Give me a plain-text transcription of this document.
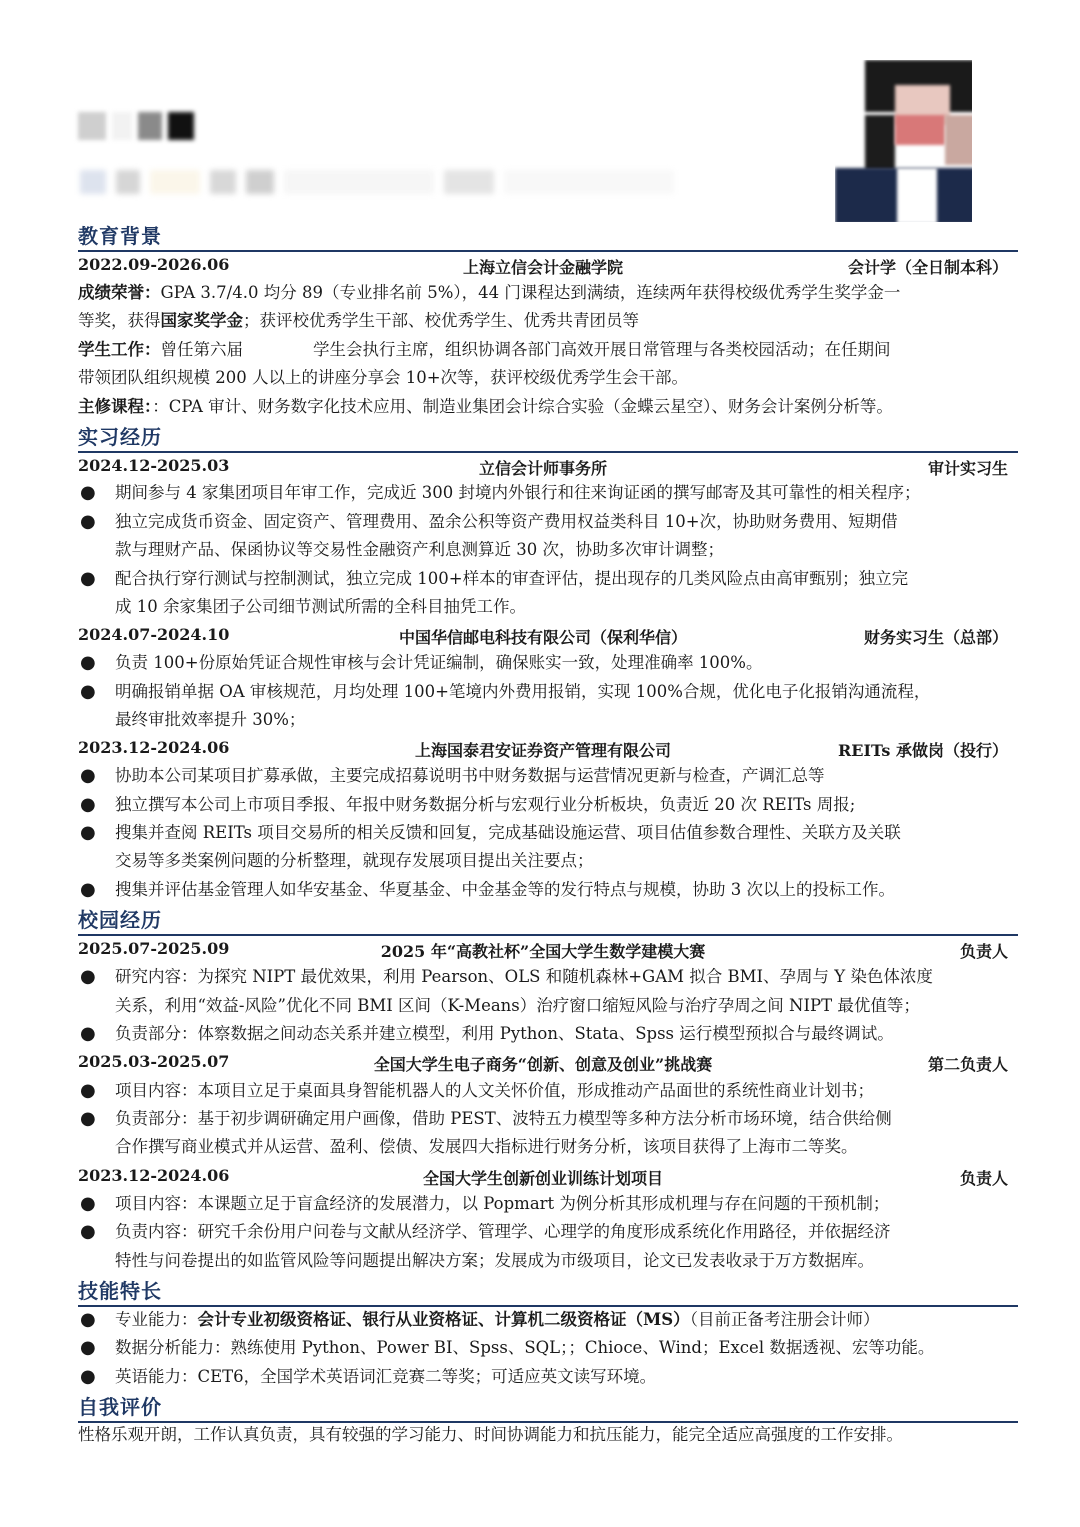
教育背景
2022.09-2026.06	上海立信会计金融学院	会计学（全日制本科）
成绩荣誉：GPA 3.7/4.0 均分 89（专业排名前 5%），44 门课程达到满绩，连续两年获得校级优秀学生奖学金一
等奖，获得国家奖学金；获评校优秀学生干部、校优秀学生、优秀共青团员等
学生工作：曾任第六届	学生会执行主席，组织协调各部门高效开展日常管理与各类校园活动；在任期间
带领团队组织规模 200 人以上的讲座分享会 10+次等，获评校级优秀学生会干部。
主修课程：：CPA 审计、财务数字化技术应用、制造业集团会计综合实验（金蝶云星空）、财务会计案例分析等。
实习经历
2024.12-2025.03	立信会计师事务所	审计实习生
● 期间参与 4 家集团项目年审工作，完成近 300 封境内外银行和往来询证函的撰写邮寄及其可靠性的相关程序；
● 独立完成货币资金、固定资产、管理费用、盈余公积等资产费用权益类科目 10+次，协助财务费用、短期借
款与理财产品、保函协议等交易性金融资产利息测算近 30 次，协助多次审计调整；
● 配合执行穿行测试与控制测试，独立完成 100+样本的审查评估，提出现存的几类风险点由高审甄别；独立完
成 10 余家集团子公司细节测试所需的全科目抽凭工作。
2024.07-2024.10	中国华信邮电科技有限公司（保利华信）	财务实习生（总部）
● 负责 100+份原始凭证合规性审核与会计凭证编制，确保账实一致，处理准确率 100%。
● 明确报销单据 OA 审核规范，月均处理 100+笔境内外费用报销，实现 100%合规，优化电子化报销沟通流程，
最终审批效率提升 30%；
2023.12-2024.06	上海国泰君安证券资产管理有限公司	REITs 承做岗（投行）
● 协助本公司某项目扩募承做，主要完成招募说明书中财务数据与运营情况更新与检查，产调汇总等
● 独立撰写本公司上市项目季报、年报中财务数据分析与宏观行业分析板块，负责近 20 次 REITs 周报;
● 搜集并查阅 REITs 项目交易所的相关反馈和回复，完成基础设施运营、项目估值参数合理性、关联方及关联
交易等多类案例问题的分析整理，就现存发展项目提出关注要点；
● 搜集并评估基金管理人如华安基金、华夏基金、中金基金等的发行特点与规模，协助 3 次以上的投标工作。
校园经历
2025.07-2025.09	2025 年“高教社杯”全国大学生数学建模大赛	负责人
● 研究内容：为探究 NIPT 最优效果，利用 Pearson、OLS 和随机森林+GAM 拟合 BMI、孕周与 Y 染色体浓度
关系，利用“效益-风险”优化不同 BMI 区间（K-Means）治疗窗口缩短风险与治疗孕周之间 NIPT 最优值等；
● 负责部分：体察数据之间动态关系并建立模型，利用 Python、Stata、Spss 运行模型预拟合与最终调试。
2025.03-2025.07	全国大学生电子商务“创新、创意及创业”挑战赛	第二负责人
● 项目内容：本项目立足于桌面具身智能机器人的人文关怀价值，形成推动产品面世的系统性商业计划书；
● 负责部分：基于初步调研确定用户画像，借助 PEST、波特五力模型等多种方法分析市场环境，结合供给侧
合作撰写商业模式并从运营、盈利、偿债、发展四大指标进行财务分析，该项目获得了上海市二等奖。
2023.12-2024.06	全国大学生创新创业训练计划项目	负责人
● 项目内容：本课题立足于盲盒经济的发展潜力，以 Popmart 为例分析其形成机理与存在问题的干预机制；
● 负责内容：研究千余份用户问卷与文献从经济学、管理学、心理学的角度形成系统化作用路径，并依据经济
特性与问卷提出的如监管风险等问题提出解决方案；发展成为市级项目，论文已发表收录于万方数据库。
技能特长
● 专业能力：会计专业初级资格证、银行从业资格证、计算机二级资格证（MS）（目前正备考注册会计师）
● 数据分析能力：熟练使用 Python、Power BI、Spss、SQL；；Chioce、Wind；Excel 数据透视、宏等功能。
● 英语能力：CET6，全国学术英语词汇竞赛二等奖；可适应英文读写环境。
自我评价
性格乐观开朗，工作认真负责，具有较强的学习能力、时间协调能力和抗压能力，能完全适应高强度的工作安排。
